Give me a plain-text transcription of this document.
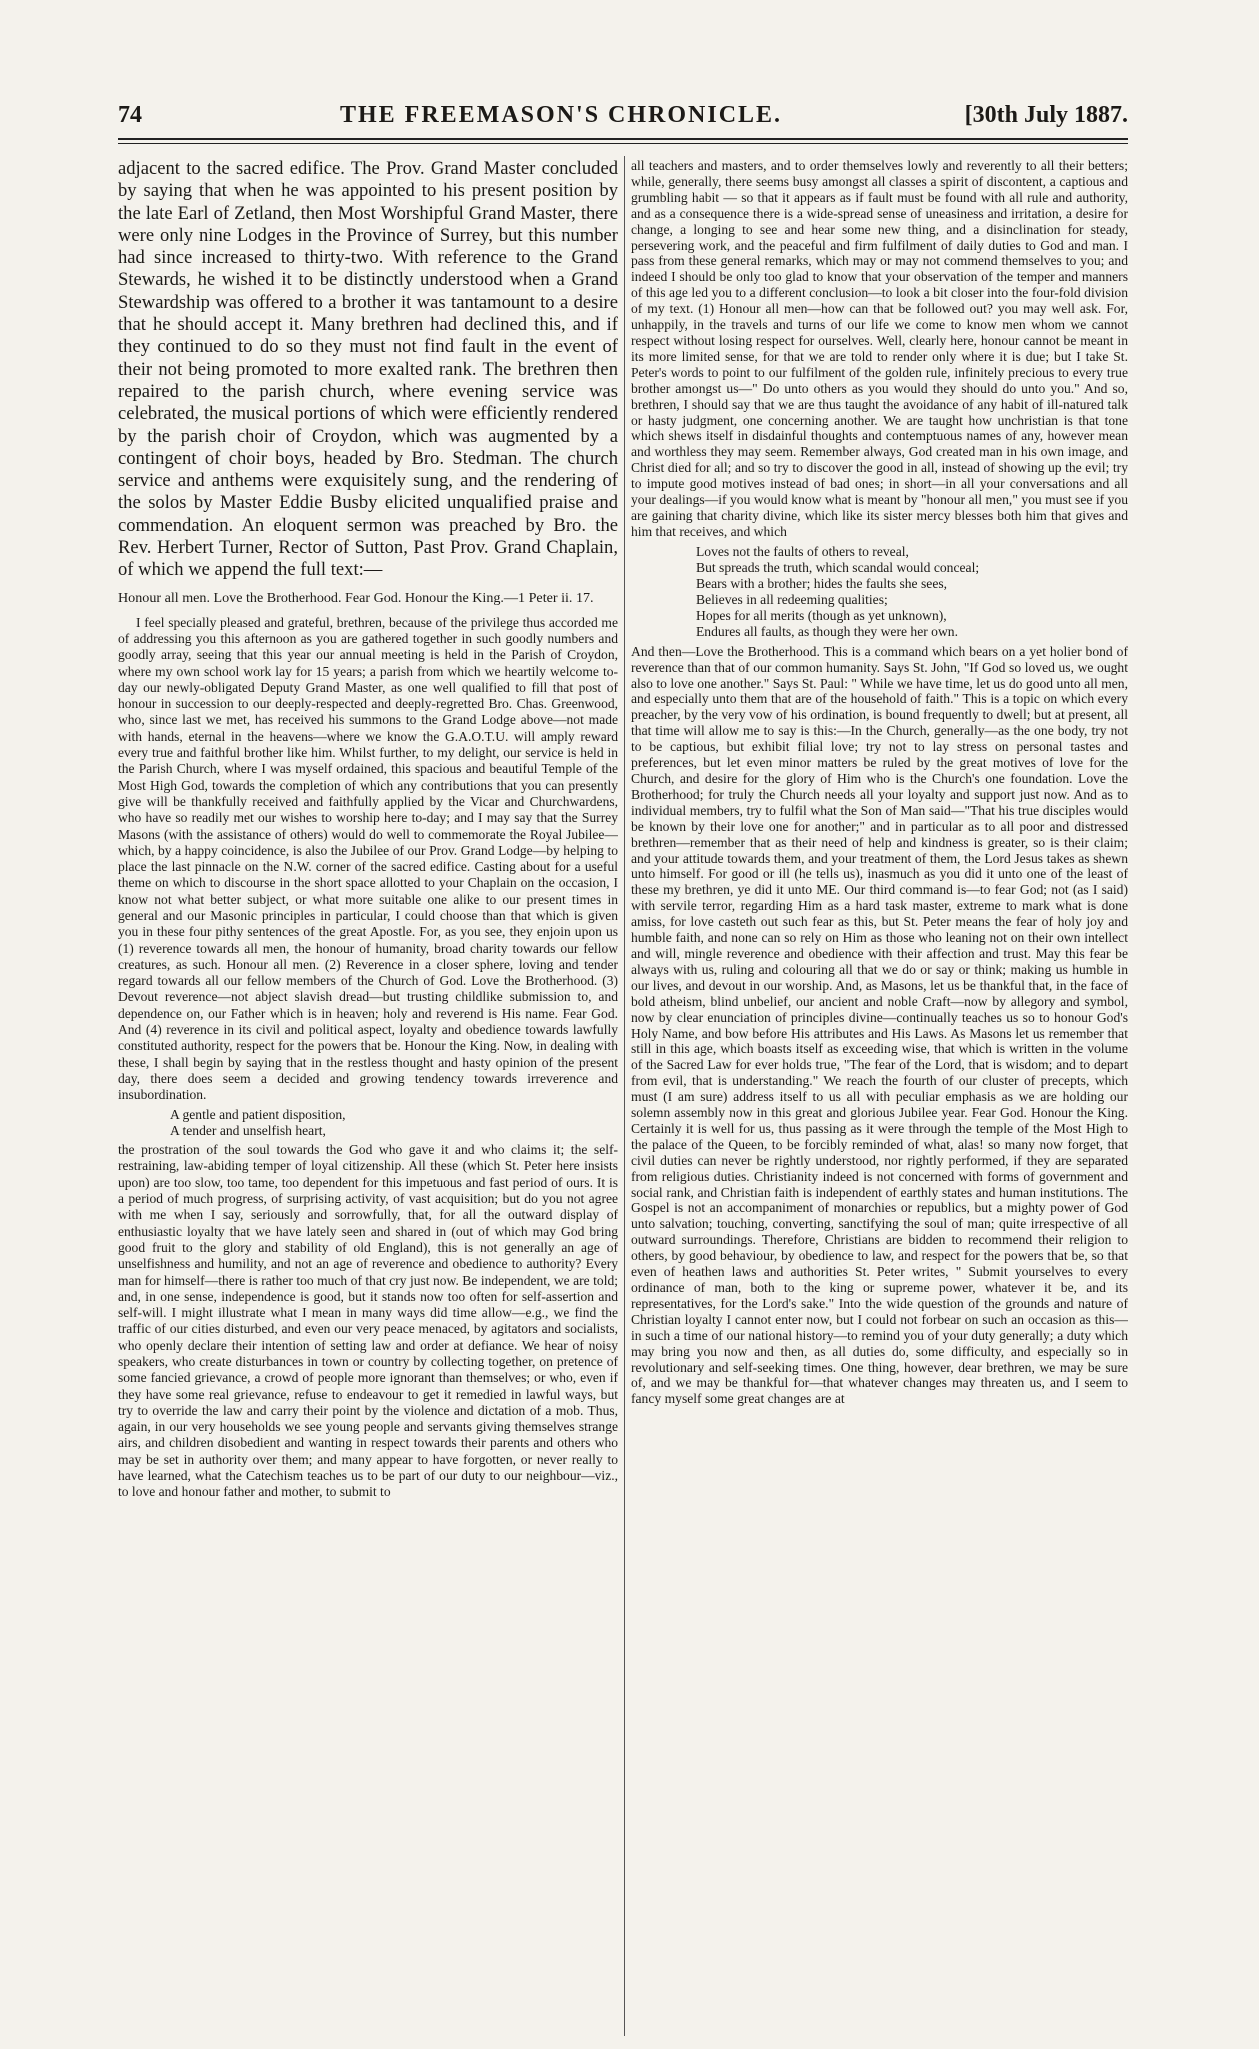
74	THE FREEMASON'S CHRONICLE.	[30th July 1887.

adjacent to the sacred edifice. The Prov. Grand Master concluded by saying that when he was appointed to his present position by the late Earl of Zetland, then Most Worshipful Grand Master, there were only nine Lodges in the Province of Surrey, but this number had since increased to thirty-two. With reference to the Grand Stewards, he wished it to be distinctly understood when a Grand Stewardship was offered to a brother it was tantamount to a desire that he should accept it. Many brethren had declined this, and if they continued to do so they must not find fault in the event of their not being promoted to more exalted rank. The brethren then repaired to the parish church, where evening service was celebrated, the musical portions of which were efficiently rendered by the parish choir of Croydon, which was augmented by a contingent of choir boys, headed by Bro. Stedman. The church service and anthems were exquisitely sung, and the rendering of the solos by Master Eddie Busby elicited unqualified praise and commendation. An eloquent sermon was preached by Bro. the Rev. Herbert Turner, Rector of Sutton, Past Prov. Grand Chaplain, of which we append the full text:—

Honour all men. Love the Brotherhood. Fear God. Honour the King.—1 Peter ii. 17.

I feel specially pleased and grateful, brethren, because of the privilege thus accorded me of addressing you this afternoon as you are gathered together in such goodly numbers and goodly array, seeing that this year our annual meeting is held in the Parish of Croydon, where my own school work lay for 15 years; a parish from which we heartily welcome to-day our newly-obligated Deputy Grand Master, as one well qualified to fill that post of honour in succession to our deeply-respected and deeply-regretted Bro. Chas. Greenwood, who, since last we met, has received his summons to the Grand Lodge above—not made with hands, eternal in the heavens—where we know the G.A.O.T.U. will amply reward every true and faithful brother like him. Whilst further, to my delight, our service is held in the Parish Church, where I was myself ordained, this spacious and beautiful Temple of the Most High God, towards the completion of which any contributions that you can presently give will be thankfully received and faithfully applied by the Vicar and Churchwardens, who have so readily met our wishes to worship here to-day; and I may say that the Surrey Masons (with the assistance of others) would do well to commemorate the Royal Jubilee—which, by a happy coincidence, is also the Jubilee of our Prov. Grand Lodge—by helping to place the last pinnacle on the N.W. corner of the sacred edifice. Casting about for a useful theme on which to discourse in the short space allotted to your Chaplain on the occasion, I know not what better subject, or what more suitable one alike to our present times in general and our Masonic principles in particular, I could choose than that which is given you in these four pithy sentences of the great Apostle. For, as you see, they enjoin upon us (1) reverence towards all men, the honour of humanity, broad charity towards our fellow creatures, as such. Honour all men. (2) Reverence in a closer sphere, loving and tender regard towards all our fellow members of the Church of God. Love the Brotherhood. (3) Devout reverence—not abject slavish dread—but trusting childlike submission to, and dependence on, our Father which is in heaven; holy and reverend is His name. Fear God. And (4) reverence in its civil and political aspect, loyalty and obedience towards lawfully constituted authority, respect for the powers that be. Honour the King. Now, in dealing with these, I shall begin by saying that in the restless thought and hasty opinion of the present day, there does seem a decided and growing tendency towards irreverence and insubordination.

A gentle and patient disposition,
A tender and unselfish heart,

the prostration of the soul towards the God who gave it and who claims it; the self-restraining, law-abiding temper of loyal citizenship. All these (which St. Peter here insists upon) are too slow, too tame, too dependent for this impetuous and fast period of ours. It is a period of much progress, of surprising activity, of vast acquisition; but do you not agree with me when I say, seriously and sorrowfully, that, for all the outward display of enthusiastic loyalty that we have lately seen and shared in (out of which may God bring good fruit to the glory and stability of old England), this is not generally an age of unselfishness and humility, and not an age of reverence and obedience to authority? Every man for himself—there is rather too much of that cry just now. Be independent, we are told; and, in one sense, independence is good, but it stands now too often for self-assertion and self-will. I might illustrate what I mean in many ways did time allow—e.g., we find the traffic of our cities disturbed, and even our very peace menaced, by agitators and socialists, who openly declare their intention of setting law and order at defiance. We hear of noisy speakers, who create disturbances in town or country by collecting together, on pretence of some fancied grievance, a crowd of people more ignorant than themselves; or who, even if they have some real grievance, refuse to endeavour to get it remedied in lawful ways, but try to override the law and carry their point by the violence and dictation of a mob. Thus, again, in our very households we see young people and servants giving themselves strange airs, and children disobedient and wanting in respect towards their parents and others who may be set in authority over them; and many appear to have forgotten, or never really to have learned, what the Catechism teaches us to be part of our duty to our neighbour—viz., to love and honour father and mother, to submit to

all teachers and masters, and to order themselves lowly and reverently to all their betters; while, generally, there seems busy amongst all classes a spirit of discontent, a captious and grumbling habit — so that it appears as if fault must be found with all rule and authority, and as a consequence there is a wide-spread sense of uneasiness and irritation, a desire for change, a longing to see and hear some new thing, and a disinclination for steady, persevering work, and the peaceful and firm fulfilment of daily duties to God and man. I pass from these general remarks, which may or may not commend themselves to you; and indeed I should be only too glad to know that your observation of the temper and manners of this age led you to a different conclusion—to look a bit closer into the four-fold division of my text. (1) Honour all men—how can that be followed out? you may well ask. For, unhappily, in the travels and turns of our life we come to know men whom we cannot respect without losing respect for ourselves. Well, clearly here, honour cannot be meant in its more limited sense, for that we are told to render only where it is due; but I take St. Peter's words to point to our fulfilment of the golden rule, infinitely precious to every true brother amongst us—" Do unto others as you would they should do unto you." And so, brethren, I should say that we are thus taught the avoidance of any habit of ill-natured talk or hasty judgment, one concerning another. We are taught how unchristian is that tone which shews itself in disdainful thoughts and contemptuous names of any, however mean and worthless they may seem. Remember always, God created man in his own image, and Christ died for all; and so try to discover the good in all, instead of showing up the evil; try to impute good motives instead of bad ones; in short—in all your conversations and all your dealings—if you would know what is meant by "honour all men," you must see if you are gaining that charity divine, which like its sister mercy blesses both him that gives and him that receives, and which

Loves not the faults of others to reveal,
But spreads the truth, which scandal would conceal;
Bears with a brother; hides the faults she sees,
Believes in all redeeming qualities;
Hopes for all merits (though as yet unknown),
Endures all faults, as though they were her own.

And then—Love the Brotherhood. This is a command which bears on a yet holier bond of reverence than that of our common humanity. Says St. John, "If God so loved us, we ought also to love one another." Says St. Paul: " While we have time, let us do good unto all men, and especially unto them that are of the household of faith." This is a topic on which every preacher, by the very vow of his ordination, is bound frequently to dwell; but at present, all that time will allow me to say is this:—In the Church, generally—as the one body, try not to be captious, but exhibit filial love; try not to lay stress on personal tastes and preferences, but let even minor matters be ruled by the great motives of love for the Church, and desire for the glory of Him who is the Church's one foundation. Love the Brotherhood; for truly the Church needs all your loyalty and support just now. And as to individual members, try to fulfil what the Son of Man said—"That his true disciples would be known by their love one for another;" and in particular as to all poor and distressed brethren—remember that as their need of help and kindness is greater, so is their claim; and your attitude towards them, and your treatment of them, the Lord Jesus takes as shewn unto himself. For good or ill (he tells us), inasmuch as you did it unto one of the least of these my brethren, ye did it unto ME. Our third command is—to fear God; not (as I said) with servile terror, regarding Him as a hard task master, extreme to mark what is done amiss, for love casteth out such fear as this, but St. Peter means the fear of holy joy and humble faith, and none can so rely on Him as those who leaning not on their own intellect and will, mingle reverence and obedience with their affection and trust. May this fear be always with us, ruling and colouring all that we do or say or think; making us humble in our lives, and devout in our worship. And, as Masons, let us be thankful that, in the face of bold atheism, blind unbelief, our ancient and noble Craft—now by allegory and symbol, now by clear enunciation of principles divine—continually teaches us so to honour God's Holy Name, and bow before His attributes and His Laws. As Masons let us remember that still in this age, which boasts itself as exceeding wise, that which is written in the volume of the Sacred Law for ever holds true, "The fear of the Lord, that is wisdom; and to depart from evil, that is understanding." We reach the fourth of our cluster of precepts, which must (I am sure) address itself to us all with peculiar emphasis as we are holding our solemn assembly now in this great and glorious Jubilee year. Fear God. Honour the King. Certainly it is well for us, thus passing as it were through the temple of the Most High to the palace of the Queen, to be forcibly reminded of what, alas! so many now forget, that civil duties can never be rightly understood, nor rightly performed, if they are separated from religious duties. Christianity indeed is not concerned with forms of government and social rank, and Christian faith is independent of earthly states and human institutions. The Gospel is not an accompaniment of monarchies or republics, but a mighty power of God unto salvation; touching, converting, sanctifying the soul of man; quite irrespective of all outward surroundings. Therefore, Christians are bidden to recommend their religion to others, by good behaviour, by obedience to law, and respect for the powers that be, so that even of heathen laws and authorities St. Peter writes, " Submit yourselves to every ordinance of man, both to the king or supreme power, whatever it be, and its representatives, for the Lord's sake." Into the wide question of the grounds and nature of Christian loyalty I cannot enter now, but I could not forbear on such an occasion as this—in such a time of our national history—to remind you of your duty generally; a duty which may bring you now and then, as all duties do, some difficulty, and especially so in revolutionary and self-seeking times. One thing, however, dear brethren, we may be sure of, and we may be thankful for—that whatever changes may threaten us, and I seem to fancy myself some great changes are at
